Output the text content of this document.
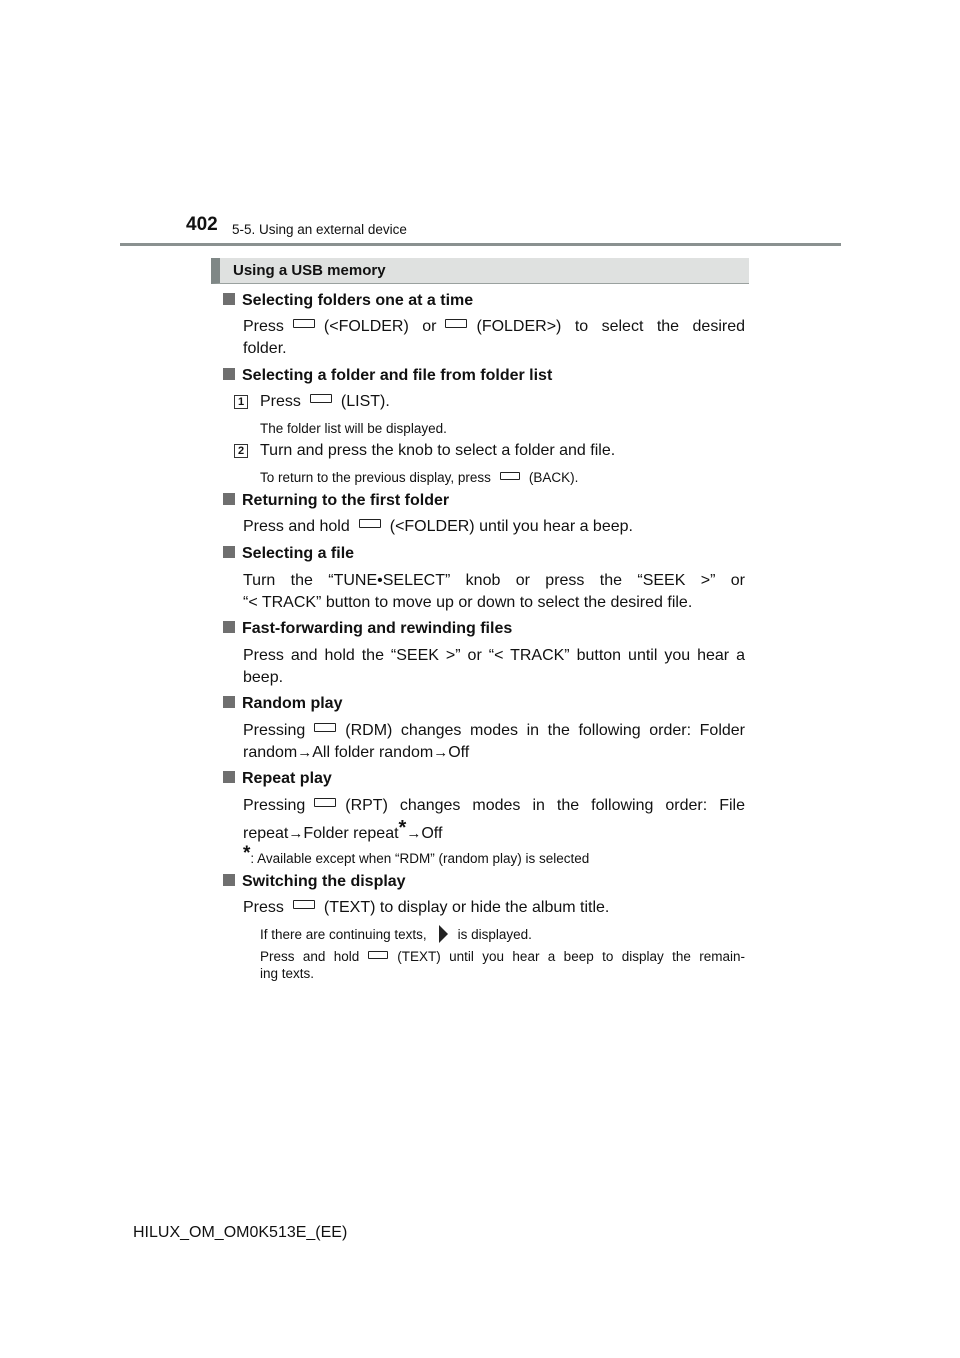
402 5-5. Using an external device
Using a USB memory
Selecting folders one at a time
Press	(<FOLDER) or	(FOLDER>) to select the desired
folder.
Selecting a folder and file from folder list
1 Press	(LIST).
The folder list will be displayed.
2 Turn and press the knob to select a folder and file.
To return to the previous display, press	(BACK).
Returning to the first folder
Press and hold	(<FOLDER) until you hear a beep.
Selecting a file
Turn the “TUNE•SELECT” knob or press the “SEEK >” or
“< TRACK” button to move up or down to select the desired file.
Fast-forwarding and rewinding files
Press and hold the “SEEK >” or “< TRACK” button until you hear a
beep.
Random play
Pressing	(RDM) changes modes in the following order: Folder
random→All folder random→Off
Repeat play
Pressing	(RPT) changes modes in the following order: File
repeat→Folder repeat*→Off
*: Available except when “RDM” (random play) is selected
Switching the display
Press	(TEXT) to display or hide the album title.
If there are continuing texts, is displayed.
Press and hold	(TEXT) until you hear a beep to display the remain-
ing texts.
HILUX_OM_OM0K513E_(EE)
